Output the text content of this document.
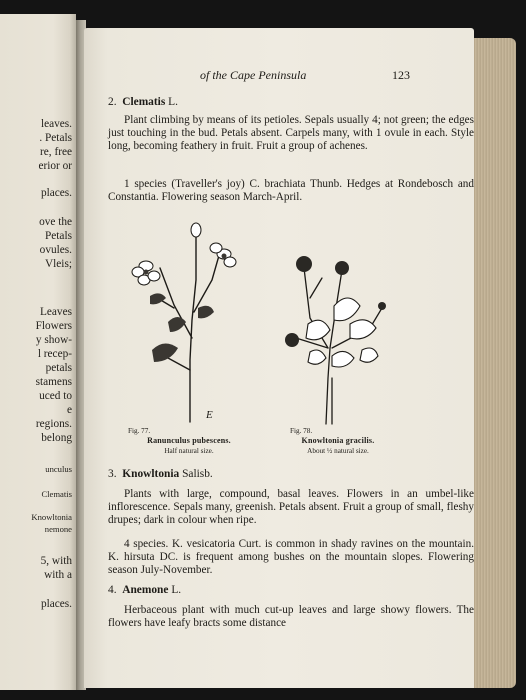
leaves.
. Petals
re, free
erior or
places.
ove the
Petals
ovules.
Vleis;
Leaves
Flowers
y show-
l recep-
petals
stamens
uced to
e
regions.
belong
unculus
Clematis
Knowltonia
nemone
5, with
with a
places.
of the Cape Peninsula	123
2. Clematis L.
Plant climbing by means of its petioles. Sepals usually 4; not green; the edges just touching in the bud. Petals absent. Carpels many, with 1 ovule in each. Style long, becoming feathery in fruit. Fruit a group of achenes.
1 species (Traveller's joy) C. brachiata Thunb. Hedges at Rondebosch and Constantia. Flowering season March-April.
E
Fig. 77.
Ranunculus pubescens.
Half natural size.
Fig. 78.
Knowltonia gracilis.
About ½ natural size.
3. Knowltonia Salisb.
Plants with large, compound, basal leaves. Flowers in an umbel-like inflorescence. Sepals many, greenish. Petals absent. Fruit a group of small, fleshy drupes; dark in colour when ripe.
4 species. K. vesicatoria Curt. is common in shady ravines on the mountain. K. hirsuta DC. is frequent among bushes on the mountain slopes. Flowering season July-November.
4. Anemone L.
Herbaceous plant with much cut-up leaves and large showy flowers. The flowers have leafy bracts some distance
